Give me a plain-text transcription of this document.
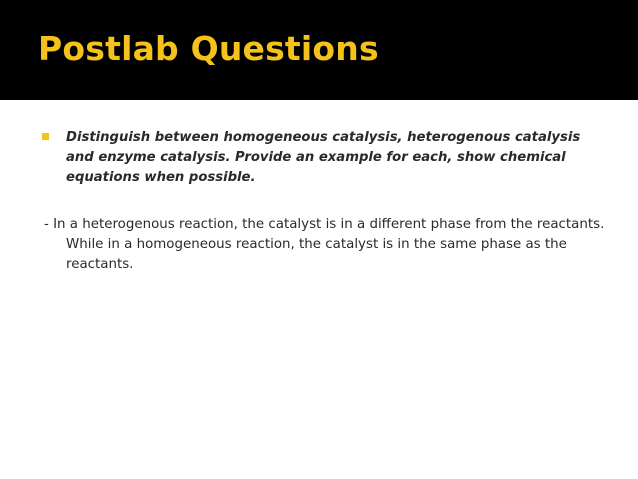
Postlab Questions

Distinguish between homogeneous catalysis, heterogenous catalysis and enzyme catalysis. Provide an example for each, show chemical equations when possible.

- In a heterogenous reaction, the catalyst is in a different phase from the reactants. While in a homogeneous reaction, the catalyst is in the same phase as the reactants.
